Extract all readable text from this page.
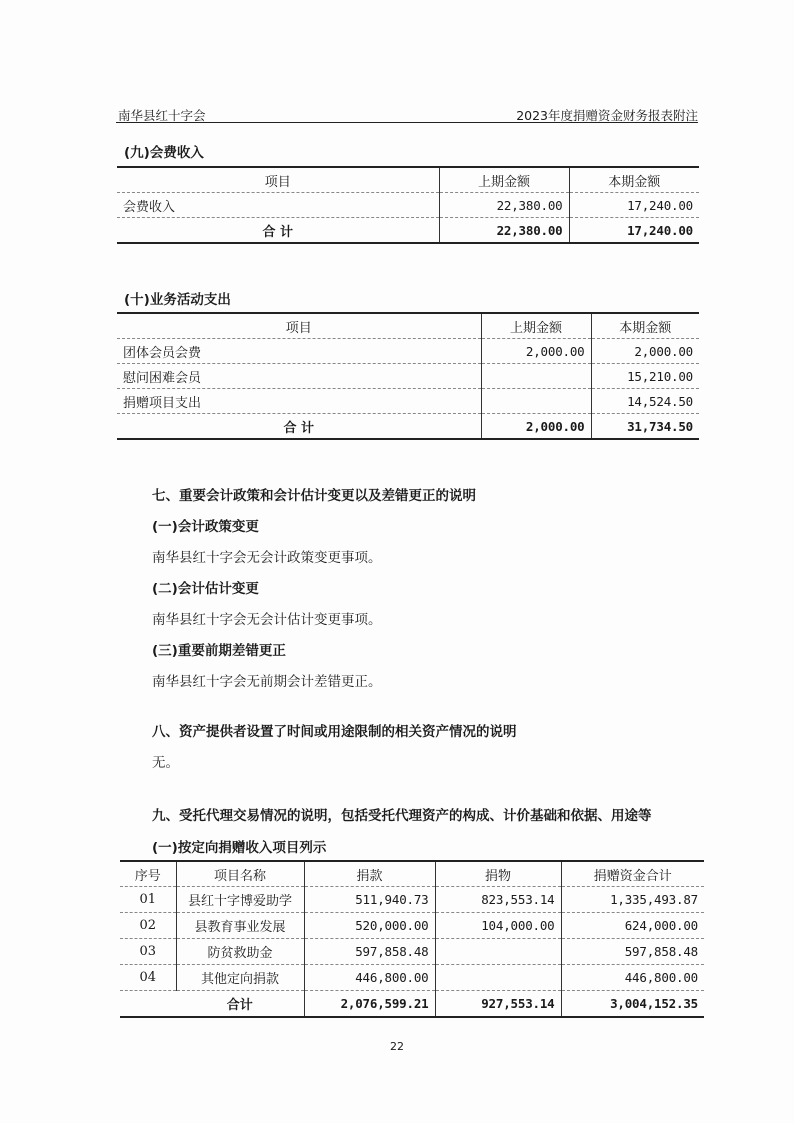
南华县红十字会	2023年度捐赠资金财务报表附注
(九)会费收入
项目	上期金额	本期金额
会费收入	22,380.00	17,240.00
合 计	22,380.00	17,240.00
(十)业务活动支出
项目	上期金额	本期金额
团体会员会费	2,000.00	2,000.00
慰问困难会员		15,210.00
捐赠项目支出		14,524.50
合 计	2,000.00	31,734.50
七、重要会计政策和会计估计变更以及差错更正的说明
(一)会计政策变更
南华县红十字会无会计政策变更事项。
(二)会计估计变更
南华县红十字会无会计估计变更事项。
(三)重要前期差错更正
南华县红十字会无前期会计差错更正。
八、资产提供者设置了时间或用途限制的相关资产情况的说明
无。
九、受托代理交易情况的说明，包括受托代理资产的构成、计价基础和依据、用途等
(一)按定向捐赠收入项目列示
序号	项目名称	捐款	捐物	捐赠资金合计
01	县红十字博爱助学	511,940.73	823,553.14	1,335,493.87
02	县教育事业发展	520,000.00	104,000.00	624,000.00
03	防贫救助金	597,858.48		597,858.48
04	其他定向捐款	446,800.00		446,800.00
	合计	2,076,599.21	927,553.14	3,004,152.35
22
